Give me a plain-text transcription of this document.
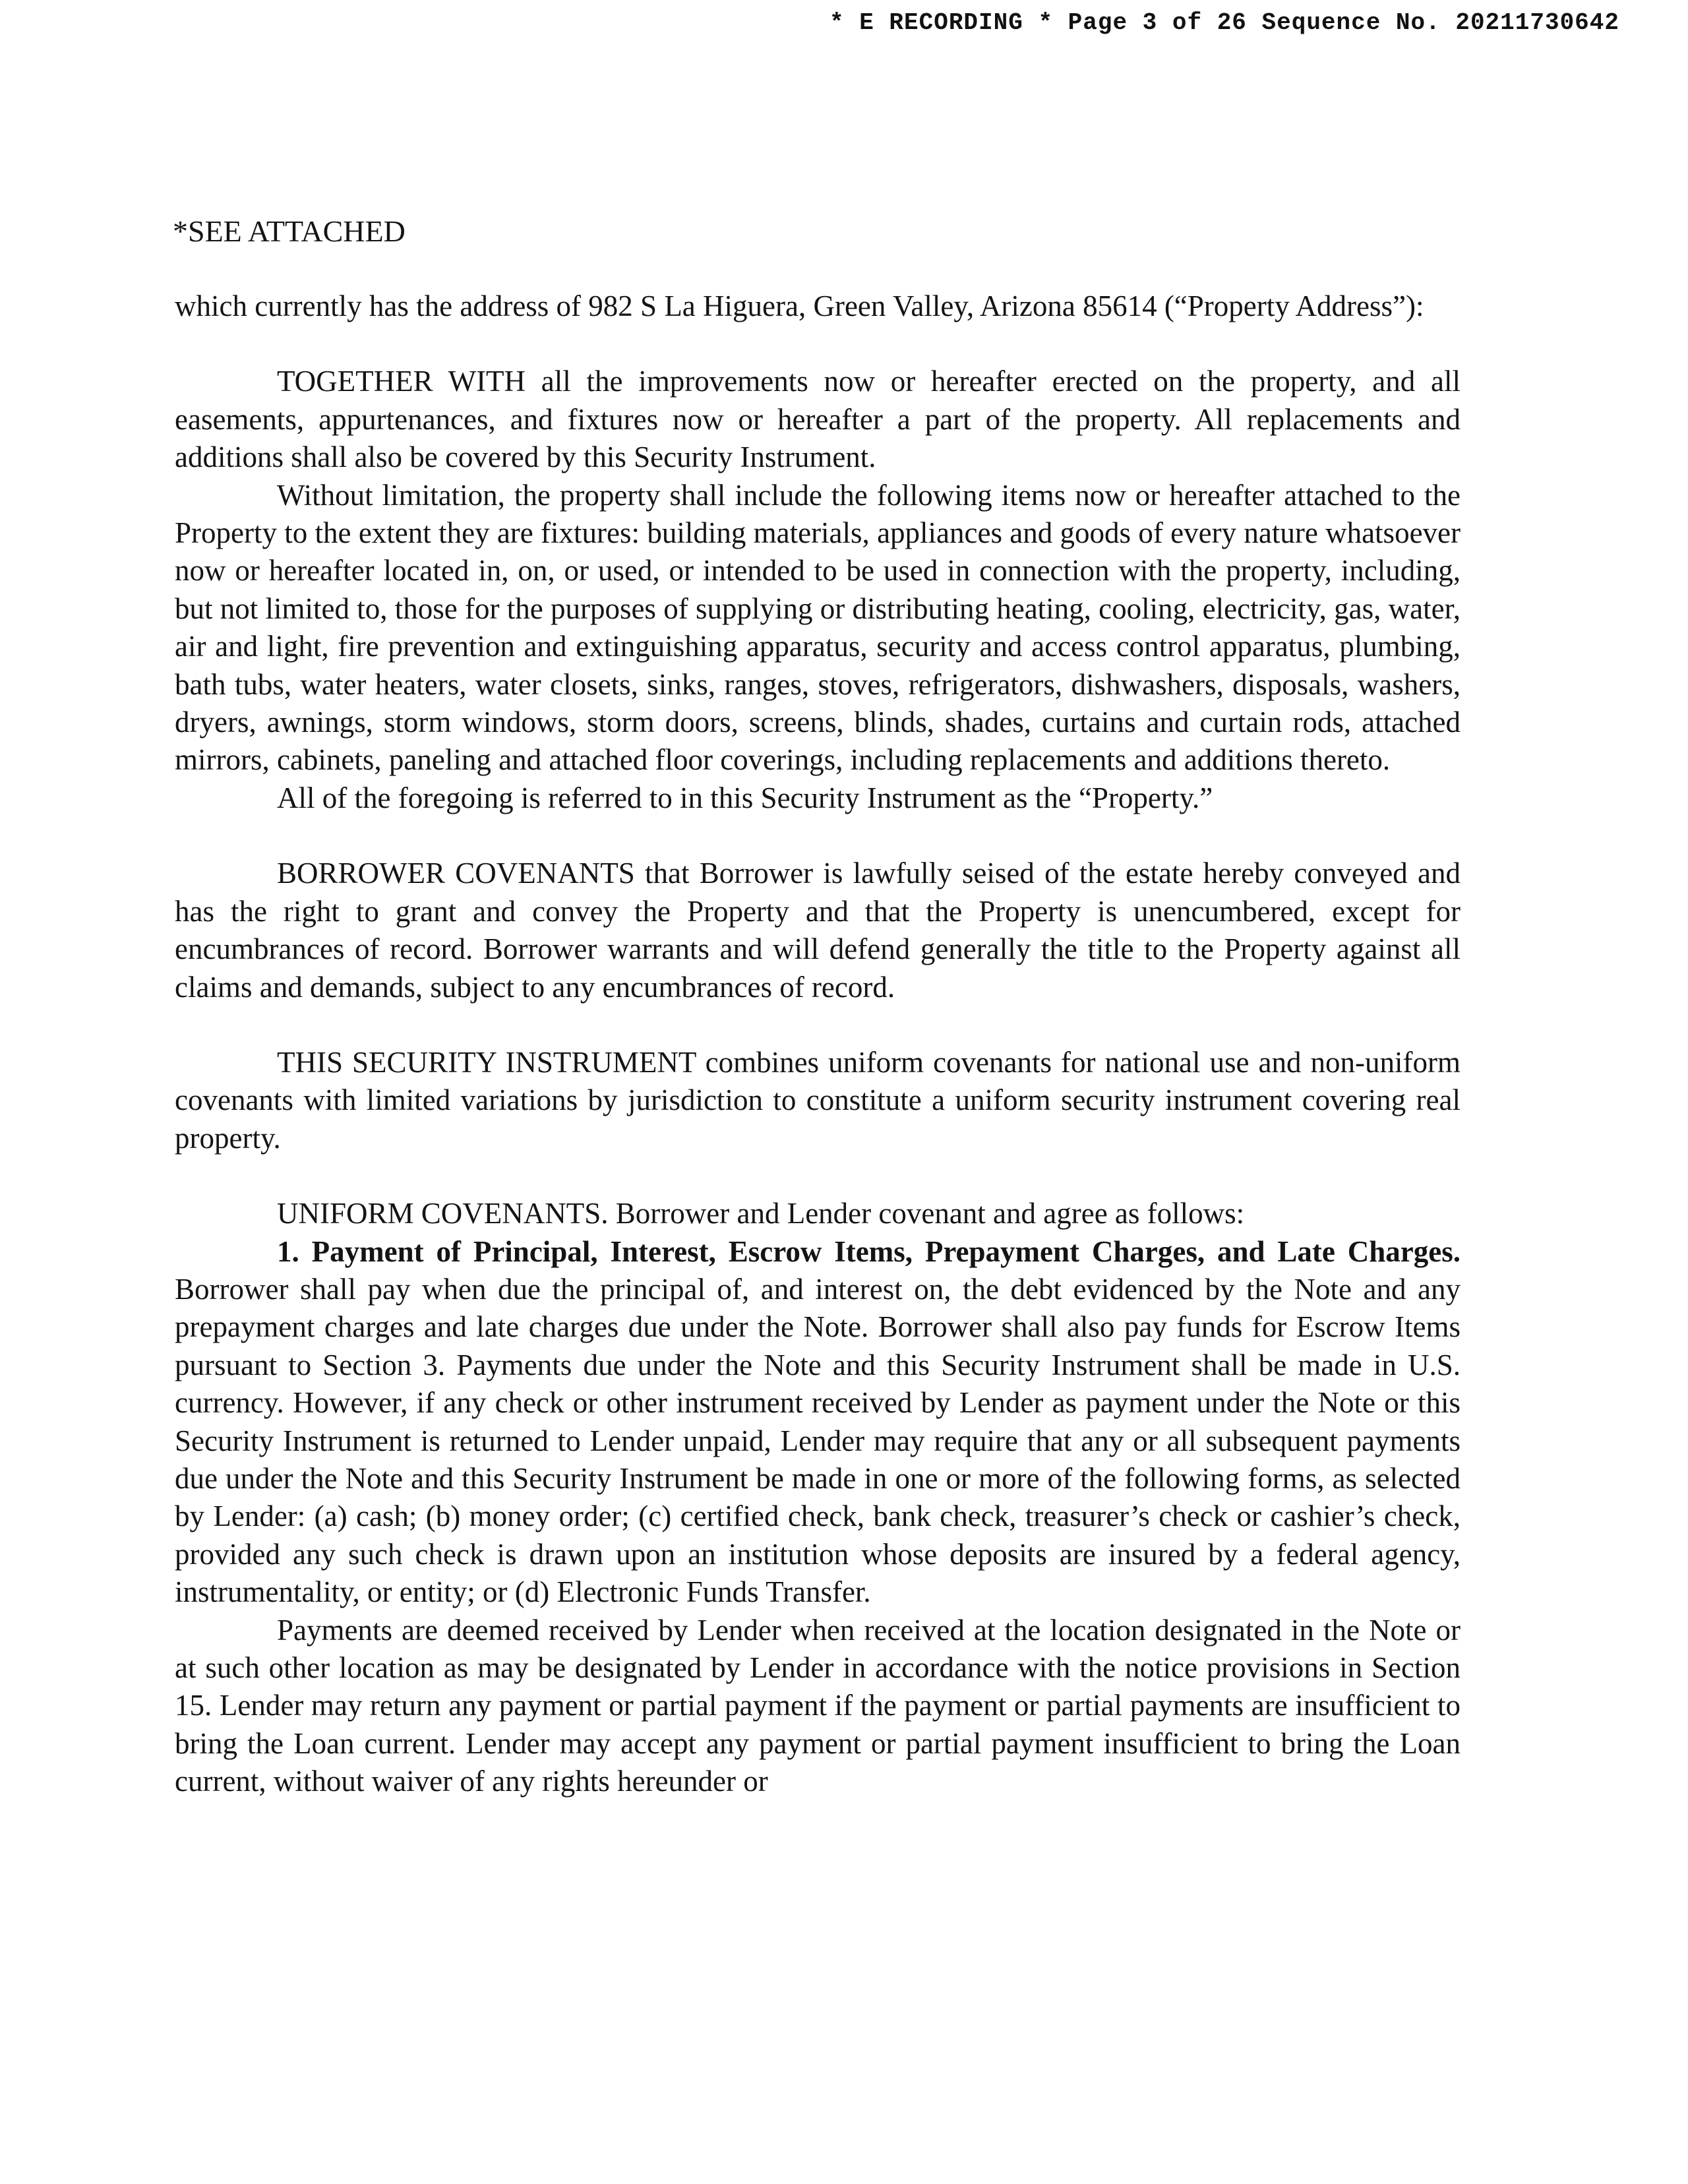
* E RECORDING * Page 3 of 26 Sequence No. 20211730642
*SEE ATTACHED

which currently has the address of 982 S La Higuera, Green Valley, Arizona 85614 (“Property Address”):

TOGETHER WITH all the improvements now or hereafter erected on the property, and all easements, appurtenances, and fixtures now or hereafter a part of the property. All replacements and additions shall also be covered by this Security Instrument.

Without limitation, the property shall include the following items now or hereafter attached to the Property to the extent they are fixtures: building materials, appliances and goods of every nature whatsoever now or hereafter located in, on, or used, or intended to be used in connection with the property, including, but not limited to, those for the purposes of supplying or distributing heating, cooling, electricity, gas, water, air and light, fire prevention and extinguishing apparatus, security and access control apparatus, plumbing, bath tubs, water heaters, water closets, sinks, ranges, stoves, refrigerators, dishwashers, disposals, washers, dryers, awnings, storm windows, storm doors, screens, blinds, shades, curtains and curtain rods, attached mirrors, cabinets, paneling and attached floor coverings, including replacements and additions thereto.

All of the foregoing is referred to in this Security Instrument as the “Property.”

BORROWER COVENANTS that Borrower is lawfully seised of the estate hereby conveyed and has the right to grant and convey the Property and that the Property is unencumbered, except for encumbrances of record. Borrower warrants and will defend generally the title to the Property against all claims and demands, subject to any encumbrances of record.

THIS SECURITY INSTRUMENT combines uniform covenants for national use and non-uniform covenants with limited variations by jurisdiction to constitute a uniform security instrument covering real property.

UNIFORM COVENANTS. Borrower and Lender covenant and agree as follows:

1. Payment of Principal, Interest, Escrow Items, Prepayment Charges, and Late Charges. Borrower shall pay when due the principal of, and interest on, the debt evidenced by the Note and any prepayment charges and late charges due under the Note. Borrower shall also pay funds for Escrow Items pursuant to Section 3. Payments due under the Note and this Security Instrument shall be made in U.S. currency. However, if any check or other instrument received by Lender as payment under the Note or this Security Instrument is returned to Lender unpaid, Lender may require that any or all subsequent payments due under the Note and this Security Instrument be made in one or more of the following forms, as selected by Lender: (a) cash; (b) money order; (c) certified check, bank check, treasurer’s check or cashier’s check, provided any such check is drawn upon an institution whose deposits are insured by a federal agency, instrumentality, or entity; or (d) Electronic Funds Transfer.

Payments are deemed received by Lender when received at the location designated in the Note or at such other location as may be designated by Lender in accordance with the notice provisions in Section 15. Lender may return any payment or partial payment if the payment or partial payments are insufficient to bring the Loan current. Lender may accept any payment or partial payment insufficient to bring the Loan current, without waiver of any rights hereunder or
